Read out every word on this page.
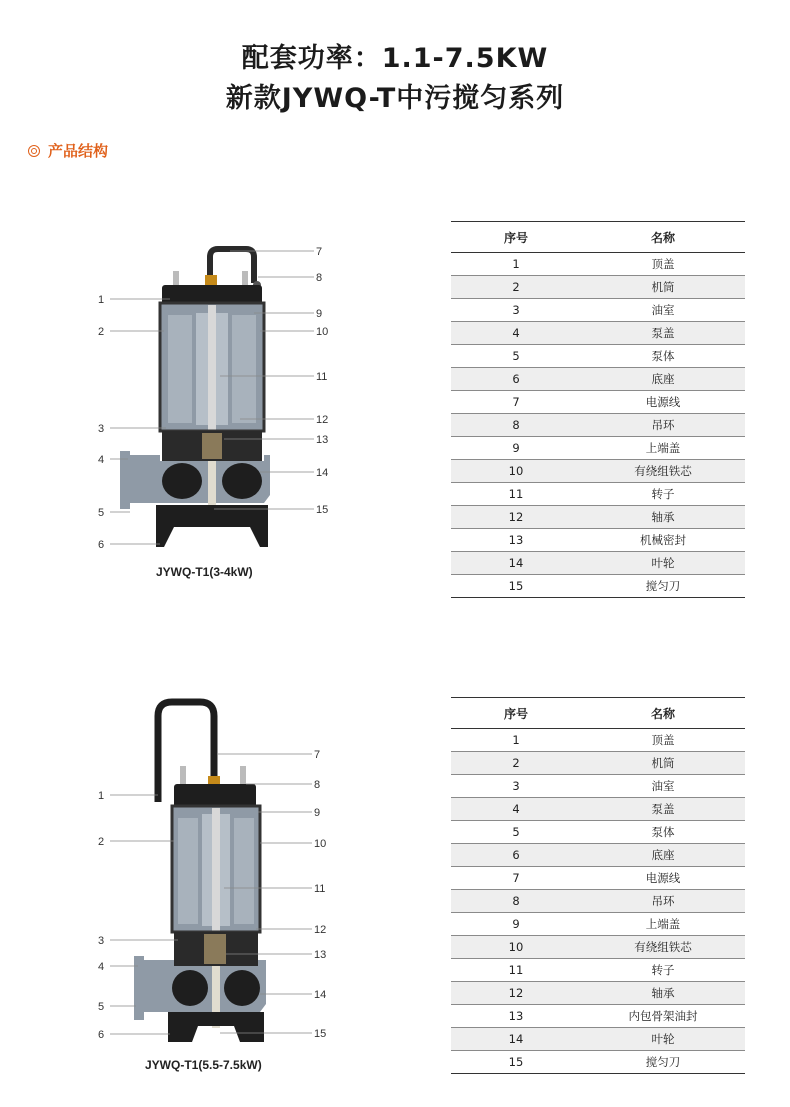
配套功率：1.1-7.5KW
新款JYWQ-T中污搅匀系列
产品结构
1
2
3
4
5
6
7
8
9
10
11
12
13
14
15
JYWQ-T1(3-4kW)
序号	名称
1	顶盖
2	机筒
3	油室
4	泵盖
5	泵体
6	底座
7	电源线
8	吊环
9	上端盖
10	有绕组铁芯
11	转子
12	轴承
13	机械密封
14	叶轮
15	搅匀刀
1
2
3
4
5
6
7
8
9
10
11
12
13
14
15
JYWQ-T1(5.5-7.5kW)
序号	名称
1	顶盖
2	机筒
3	油室
4	泵盖
5	泵体
6	底座
7	电源线
8	吊环
9	上端盖
10	有绕组铁芯
11	转子
12	轴承
13	内包骨架油封
14	叶轮
15	搅匀刀
